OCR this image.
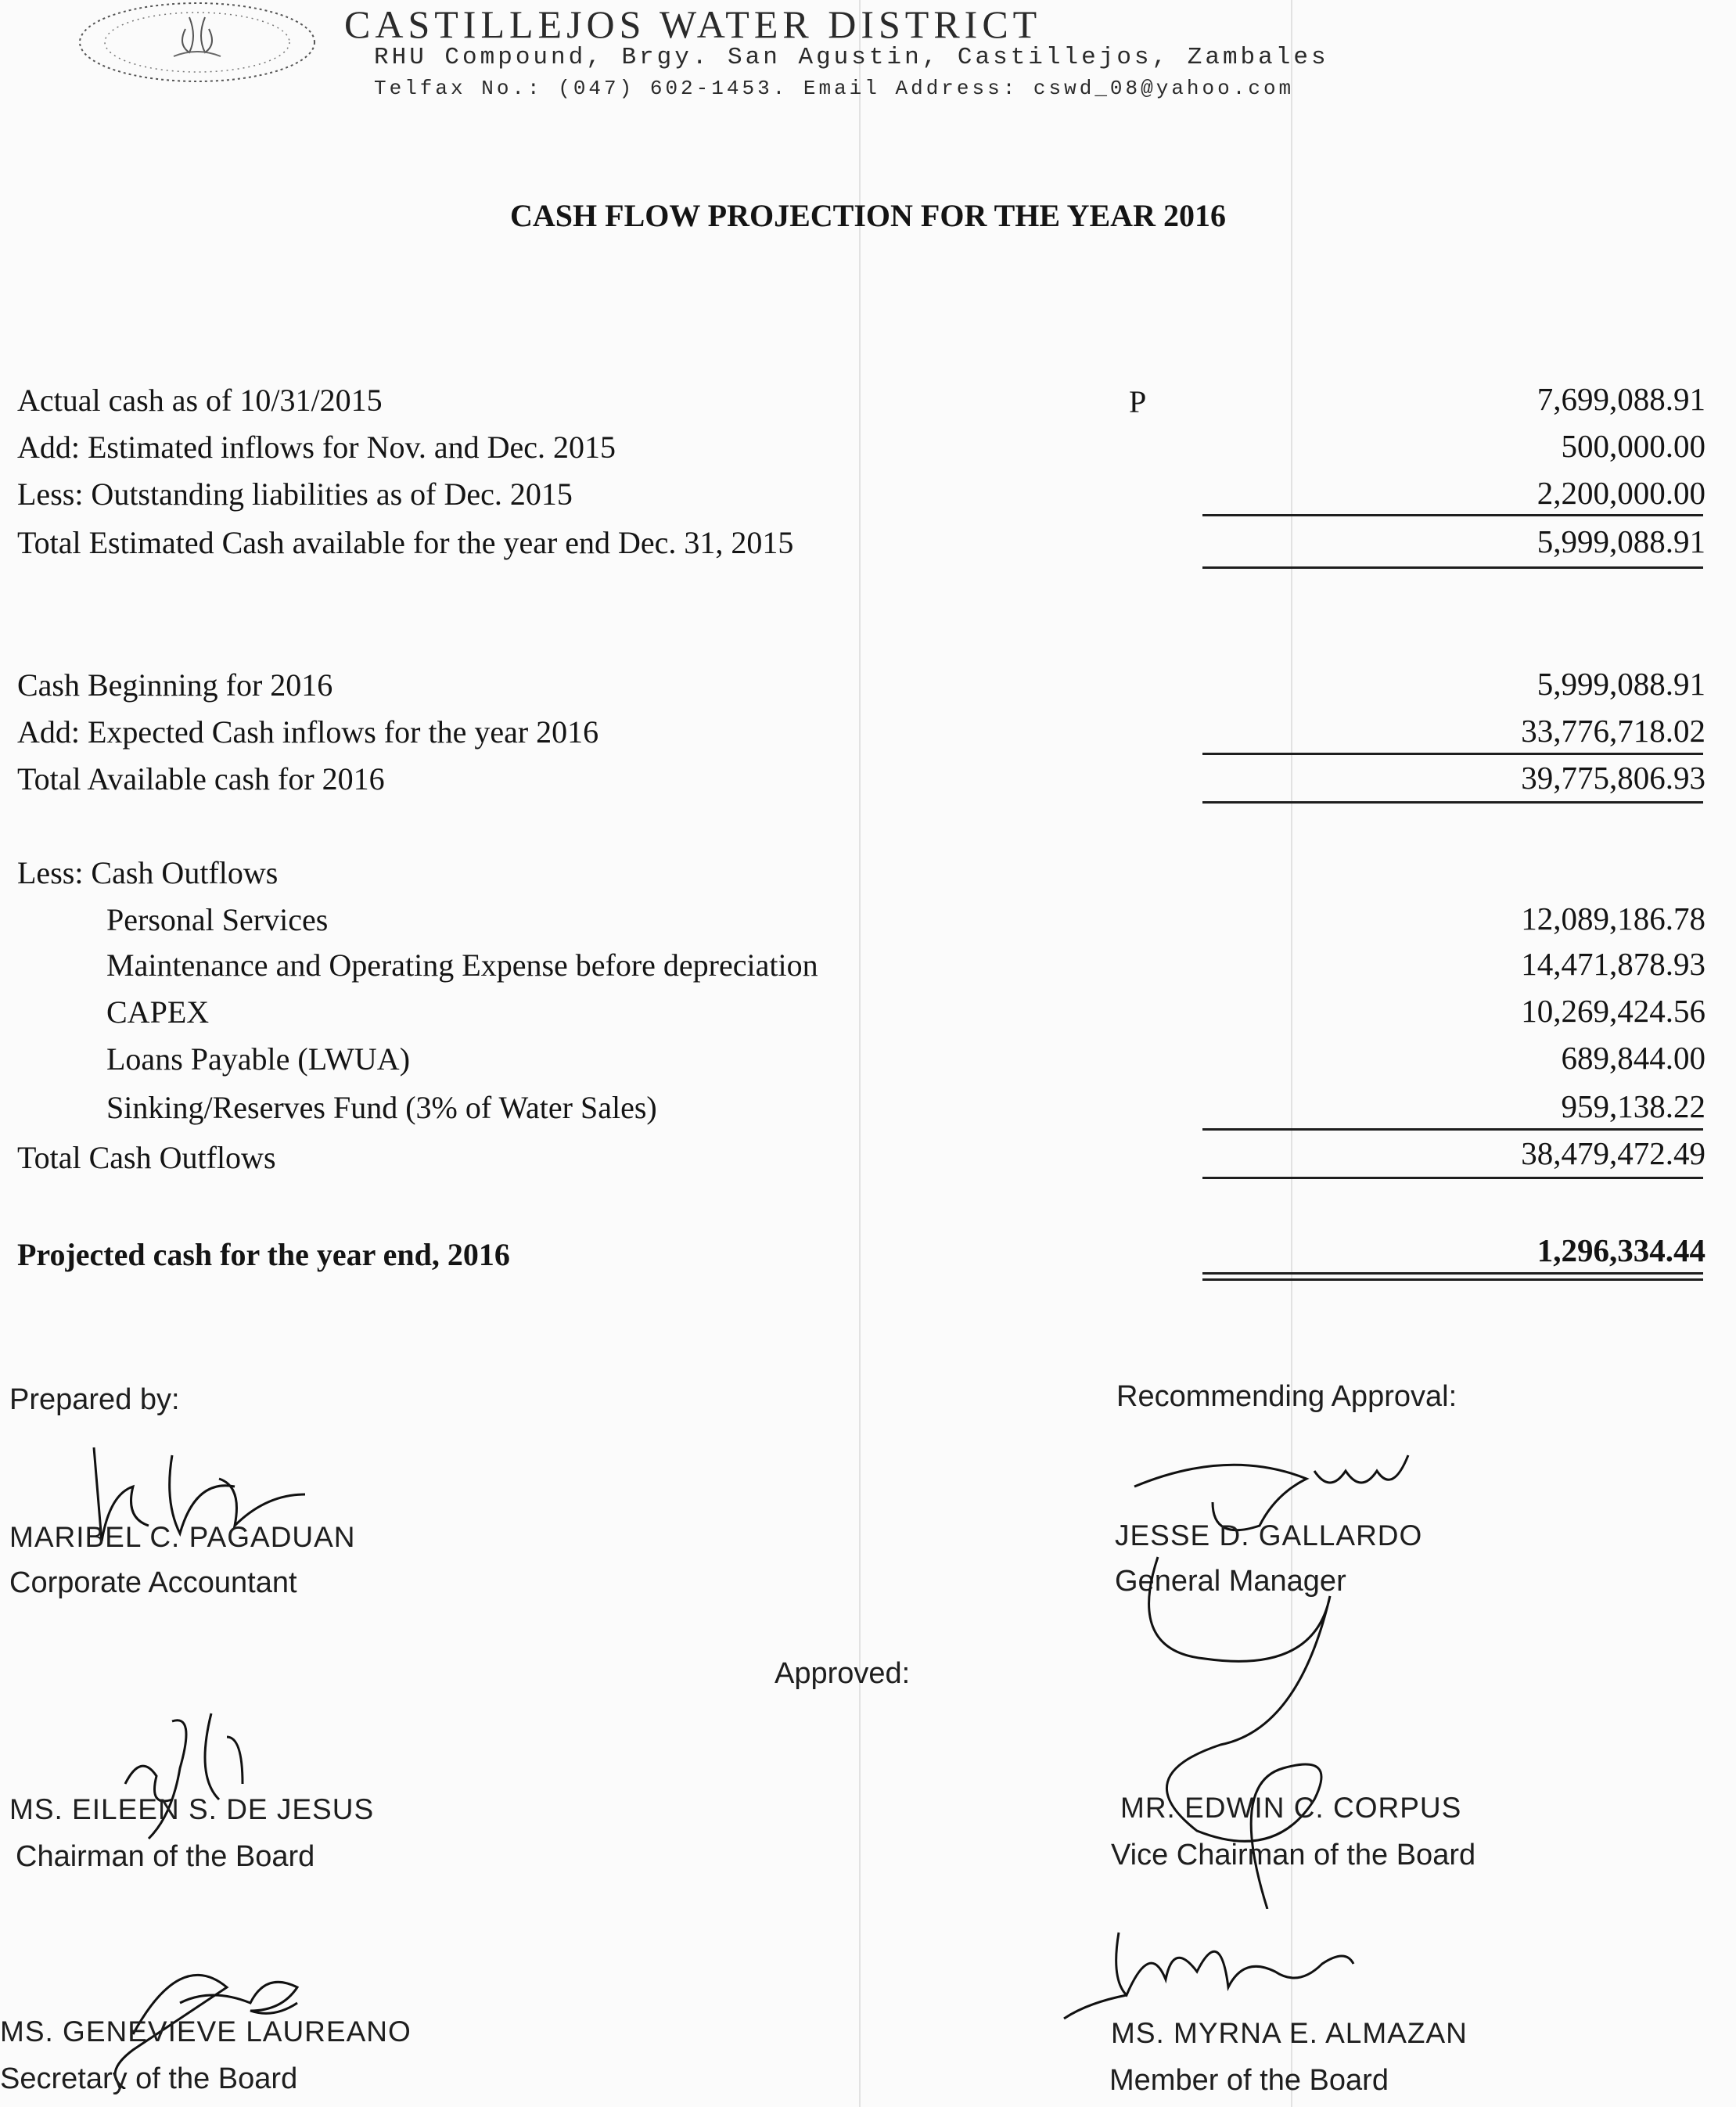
CASTILLEJOS WATER DISTRICT
RHU Compound, Brgy. San Agustin, Castillejos, Zambales
Telfax No.: (047) 602-1453. Email Address: cswd_08@yahoo.com
CASH FLOW PROJECTION FOR THE YEAR 2016
Actual cash as of 10/31/2015	P	7,699,088.91
Add: Estimated inflows for Nov. and Dec. 2015	500,000.00
Less: Outstanding liabilities as of Dec. 2015	2,200,000.00
Total Estimated Cash available for the year end Dec. 31, 2015	5,999,088.91
Cash Beginning for 2016	5,999,088.91
Add: Expected Cash inflows for the year 2016	33,776,718.02
Total Available cash for 2016	39,775,806.93
Less: Cash Outflows
Personal Services	12,089,186.78
Maintenance and Operating Expense before depreciation	14,471,878.93
CAPEX	10,269,424.56
Loans Payable (LWUA)	689,844.00
Sinking/Reserves Fund (3% of Water Sales)	959,138.22
Total Cash Outflows	38,479,472.49
Projected cash for the year end, 2016	1,296,334.44
Prepared by:	Recommending Approval:
Approved:
MARIBEL C. PAGADUAN
Corporate Accountant
JESSE D. GALLARDO
General Manager
MS. EILEEN S. DE JESUS
Chairman of the Board
MR. EDWIN C. CORPUS
Vice Chairman of the Board
MS. GENEVIEVE LAUREANO
Secretary of the Board
MS. MYRNA E. ALMAZAN
Member of the Board
